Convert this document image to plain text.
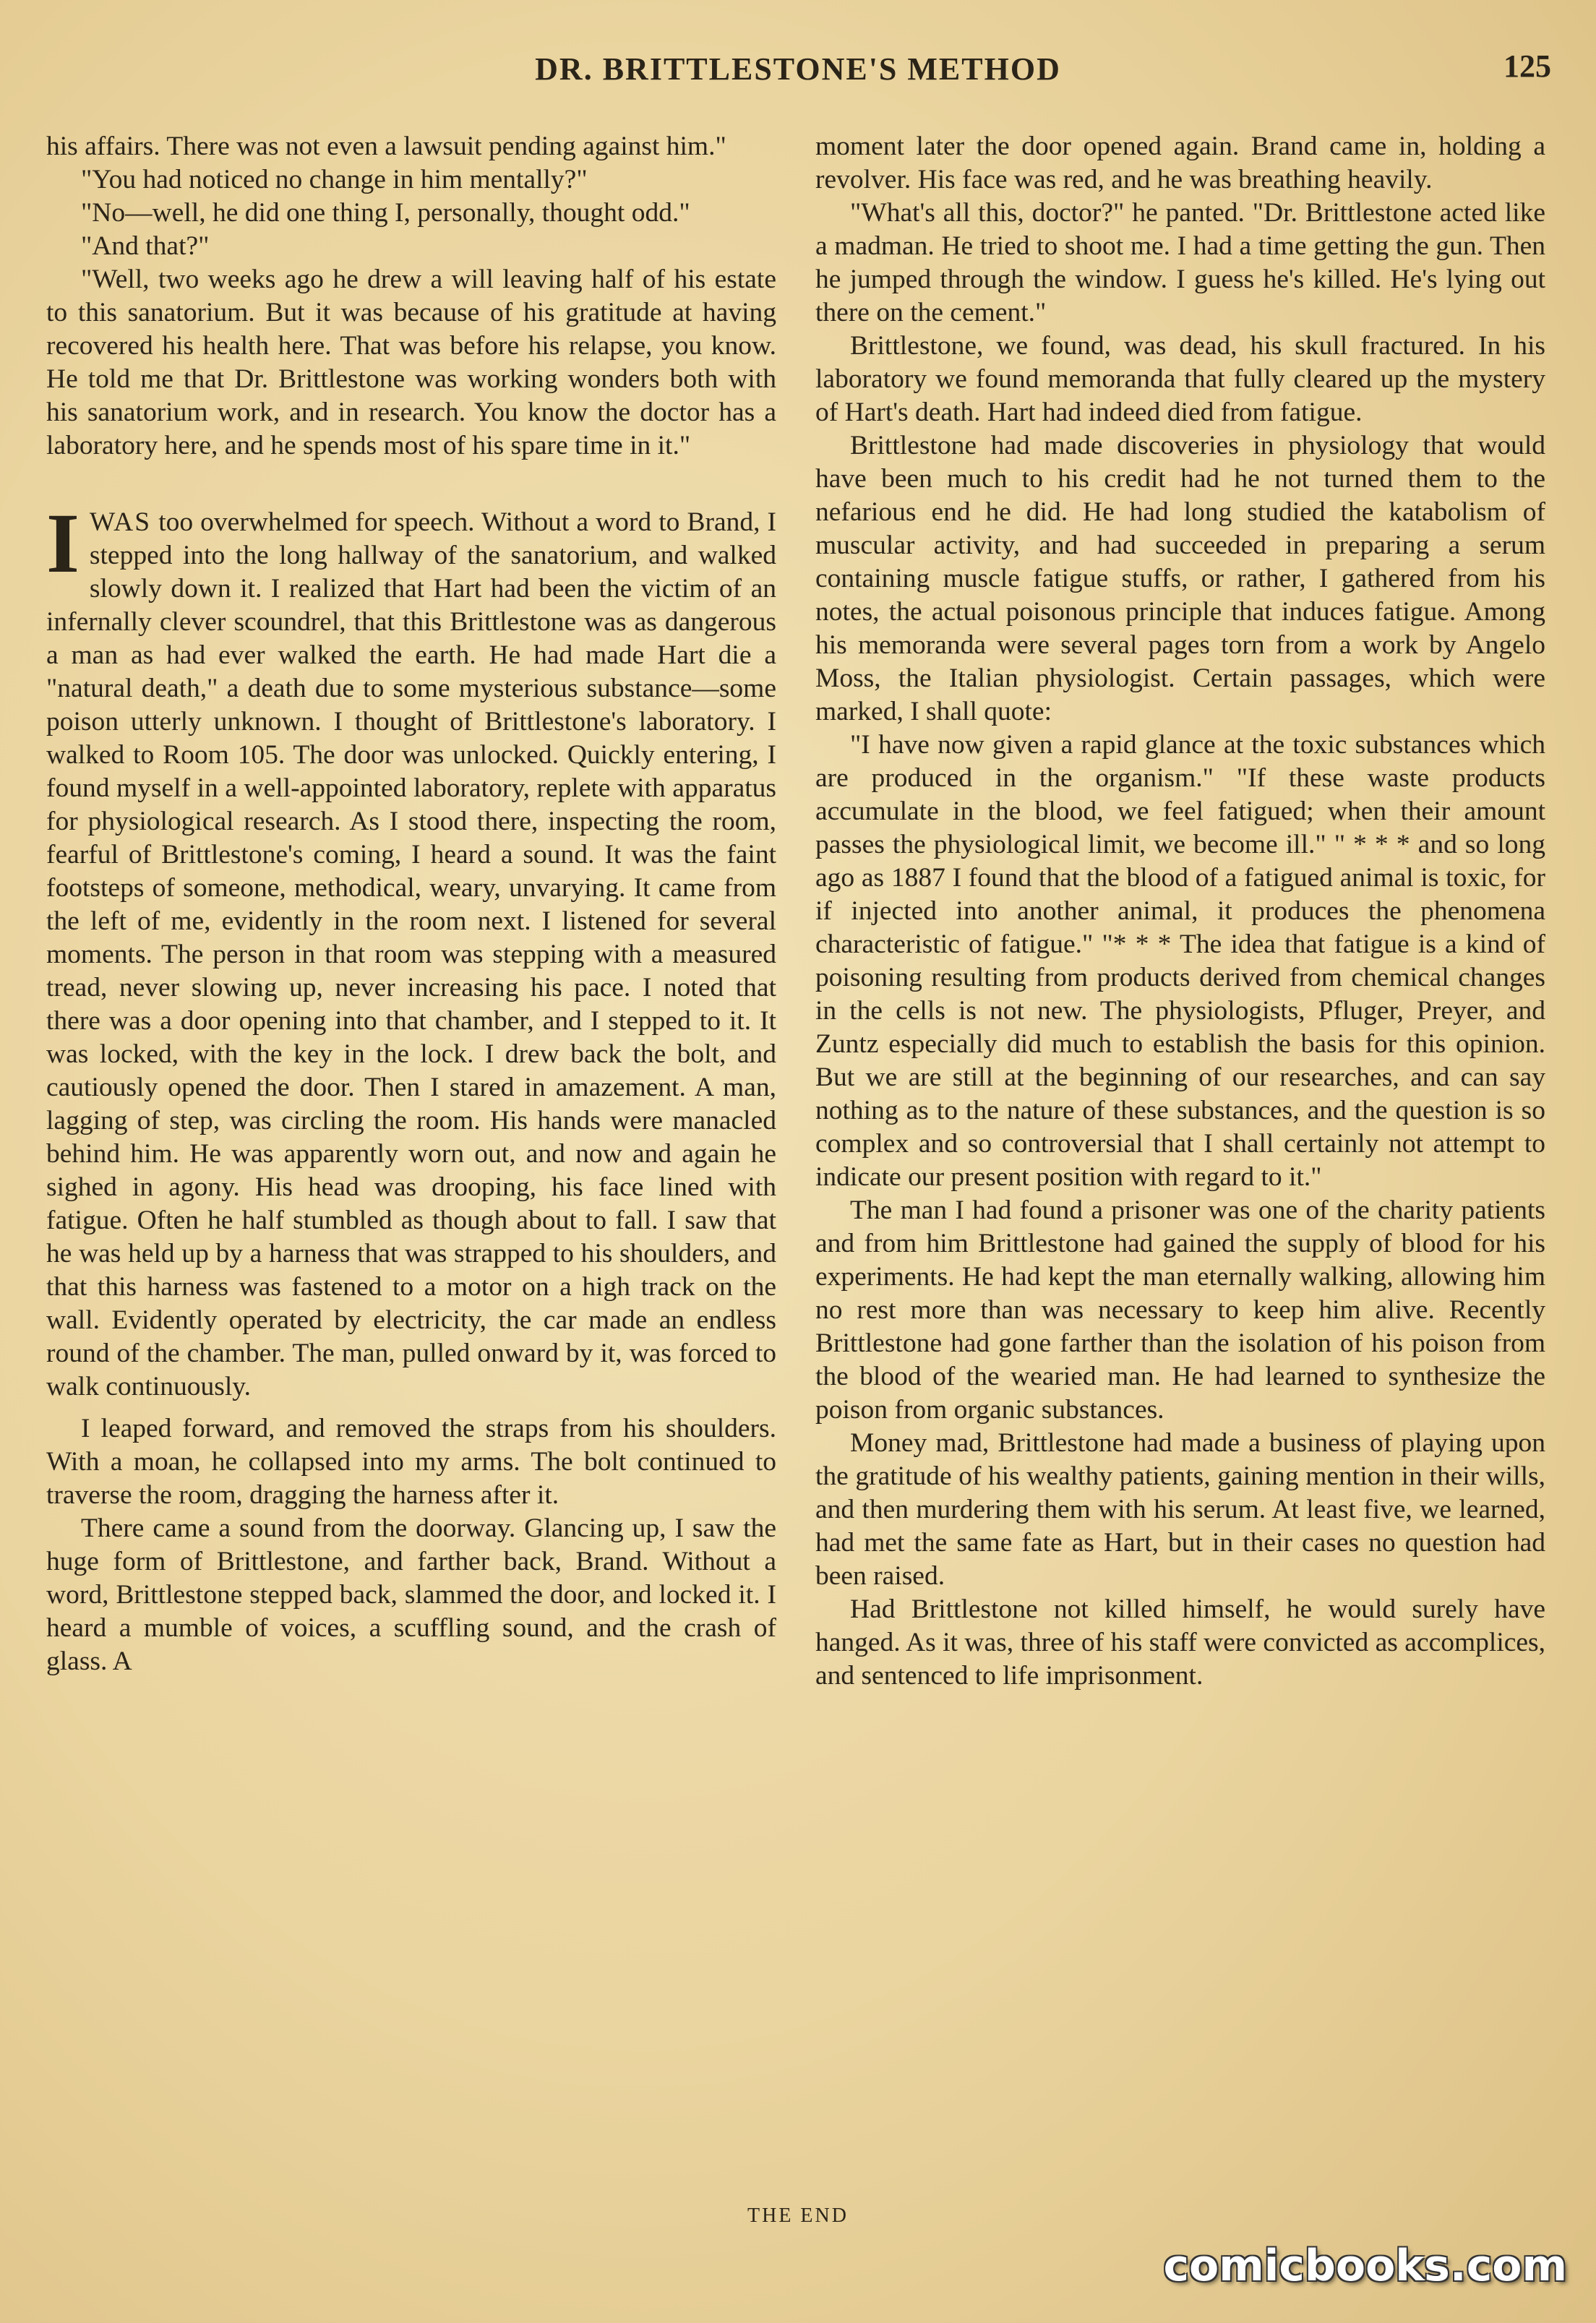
DR. BRITTLESTONE'S METHOD	125

his affairs. There was not even a lawsuit pending against him."

"You had noticed no change in him mentally?"

"No—well, he did one thing I, personally, thought odd."

"And that?"

"Well, two weeks ago he drew a will leaving half of his estate to this sanatorium. But it was because of his gratitude at having recovered his health here. That was before his relapse, you know. He told me that Dr. Brittlestone was working wonders both with his sanatorium work, and in research. You know the doctor has a laboratory here, and he spends most of his spare time in it."

IWAS too overwhelmed for speech. Without a word to Brand, I stepped into the long hallway of the sanatorium, and walked slowly down it. I realized that Hart had been the victim of an infernally clever scoundrel, that this Brittlestone was as dangerous a man as had ever walked the earth. He had made Hart die a "natural death," a death due to some mysterious substance—some poison utterly unknown. I thought of Brittlestone's laboratory. I walked to Room 105. The door was unlocked. Quickly entering, I found myself in a well-appointed laboratory, replete with apparatus for physiological research. As I stood there, inspecting the room, fearful of Brittlestone's coming, I heard a sound. It was the faint footsteps of someone, methodical, weary, unvarying. It came from the left of me, evidently in the room next. I listened for several moments. The person in that room was stepping with a measured tread, never slowing up, never increasing his pace. I noted that there was a door opening into that chamber, and I stepped to it. It was locked, with the key in the lock. I drew back the bolt, and cautiously opened the door. Then I stared in amazement. A man, lagging of step, was circling the room. His hands were manacled behind him. He was apparently worn out, and now and again he sighed in agony. His head was drooping, his face lined with fatigue. Often he half stumbled as though about to fall. I saw that he was held up by a harness that was strapped to his shoulders, and that this harness was fastened to a motor on a high track on the wall. Evidently operated by electricity, the car made an endless round of the chamber. The man, pulled onward by it, was forced to walk continuously.

I leaped forward, and removed the straps from his shoulders. With a moan, he collapsed into my arms. The bolt continued to traverse the room, dragging the harness after it.

There came a sound from the doorway. Glancing up, I saw the huge form of Brittlestone, and farther back, Brand. Without a word, Brittlestone stepped back, slammed the door, and locked it. I heard a mumble of voices, a scuffling sound, and the crash of glass. A

moment later the door opened again. Brand came in, holding a revolver. His face was red, and he was breathing heavily.

"What's all this, doctor?" he panted. "Dr. Brittlestone acted like a madman. He tried to shoot me. I had a time getting the gun. Then he jumped through the window. I guess he's killed. He's lying out there on the cement."

Brittlestone, we found, was dead, his skull fractured. In his laboratory we found memoranda that fully cleared up the mystery of Hart's death. Hart had indeed died from fatigue.

Brittlestone had made discoveries in physiology that would have been much to his credit had he not turned them to the nefarious end he did. He had long studied the katabolism of muscular activity, and had succeeded in preparing a serum containing muscle fatigue stuffs, or rather, I gathered from his notes, the actual poisonous principle that induces fatigue. Among his memoranda were several pages torn from a work by Angelo Moss, the Italian physiologist. Certain passages, which were marked, I shall quote:

"I have now given a rapid glance at the toxic substances which are produced in the organism." "If these waste products accumulate in the blood, we feel fatigued; when their amount passes the physiological limit, we become ill." " * * * and so long ago as 1887 I found that the blood of a fatigued animal is toxic, for if injected into another animal, it produces the phenomena characteristic of fatigue." "* * * The idea that fatigue is a kind of poisoning resulting from products derived from chemical changes in the cells is not new. The physiologists, Pfluger, Preyer, and Zuntz especially did much to establish the basis for this opinion. But we are still at the beginning of our researches, and can say nothing as to the nature of these substances, and the question is so complex and so controversial that I shall certainly not attempt to indicate our present position with regard to it."

The man I had found a prisoner was one of the charity patients and from him Brittlestone had gained the supply of blood for his experiments. He had kept the man eternally walking, allowing him no rest more than was necessary to keep him alive. Recently Brittlestone had gone farther than the isolation of his poison from the blood of the wearied man. He had learned to synthesize the poison from organic substances.

Money mad, Brittlestone had made a business of playing upon the gratitude of his wealthy patients, gaining mention in their wills, and then murdering them with his serum. At least five, we learned, had met the same fate as Hart, but in their cases no question had been raised.

Had Brittlestone not killed himself, he would surely have hanged. As it was, three of his staff were convicted as accomplices, and sentenced to life imprisonment.

THE END
comicbooks.com
